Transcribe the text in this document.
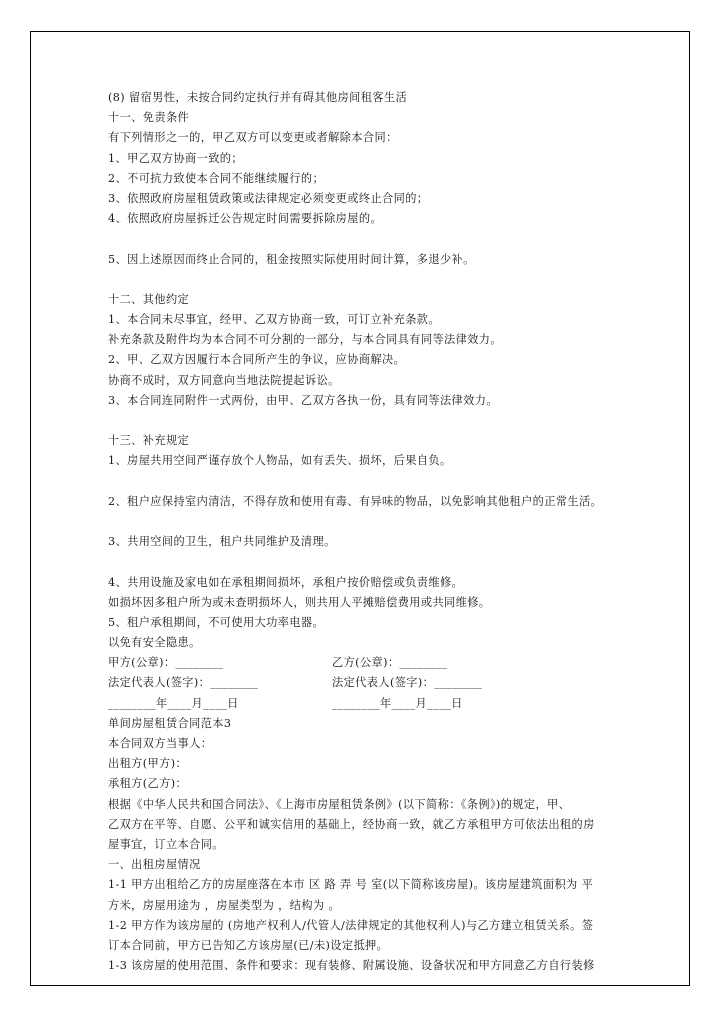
(8) 留宿男性，未按合同约定执行并有碍其他房间租客生活
十一、免责条件
有下列情形之一的，甲乙双方可以变更或者解除本合同：
1、甲乙双方协商一致的；
2、不可抗力致使本合同不能继续履行的；
3、依照政府房屋租赁政策或法律规定必须变更或终止合同的；
4、依照政府房屋拆迁公告规定时间需要拆除房屋的。
5、因上述原因而终止合同的，租金按照实际使用时间计算，多退少补。
十二、其他约定
1、本合同未尽事宜，经甲、乙双方协商一致，可订立补充条款。
补充条款及附件均为本合同不可分割的一部分，与本合同具有同等法律效力。
2、甲、乙双方因履行本合同所产生的争议，应协商解决。
协商不成时，双方同意向当地法院提起诉讼。
3、本合同连同附件一式两份，由甲、乙双方各执一份，具有同等法律效力。
十三、补充规定
1、房屋共用空间严谨存放个人物品，如有丢失、损坏，后果自负。
2、租户应保持室内清洁，不得存放和使用有毒、有异味的物品，以免影响其他租户的正常生活。
3、共用空间的卫生，租户共同维护及清理。
4、共用设施及家电如在承租期间损坏，承租户按价赔偿或负责维修。
如损坏因多租户所为或未查明损坏人，则共用人平摊赔偿费用或共同维修。
5、租户承租期间，不可使用大功率电器。
以免有安全隐患。
甲方(公章)：________	乙方(公章)：________
法定代表人(签字)：________	法定代表人(签字)：________
________年____月____日	________年____月____日
单间房屋租赁合同范本3
本合同双方当事人：
出租方(甲方)：
承租方(乙方)：
根据《中华人民共和国合同法》、《上海市房屋租赁条例》(以下简称：《条例》)的规定，甲、
乙双方在平等、自愿、公平和诚实信用的基础上，经协商一致，就乙方承租甲方可依法出租的房
屋事宜，订立本合同。
一、出租房屋情况
1-1 甲方出租给乙方的房屋座落在本市 区 路 弄 号 室(以下简称该房屋)。该房屋建筑面积为 平
方米，房屋用途为 ，房屋类型为 ，结构为 。
1-2 甲方作为该房屋的 (房地产权利人/代管人/法律规定的其他权利人)与乙方建立租赁关系。签
订本合同前，甲方已告知乙方该房屋(已/未)设定抵押。
1-3 该房屋的使用范围、条件和要求：现有装修、附属设施、设备状况和甲方同意乙方自行装修
